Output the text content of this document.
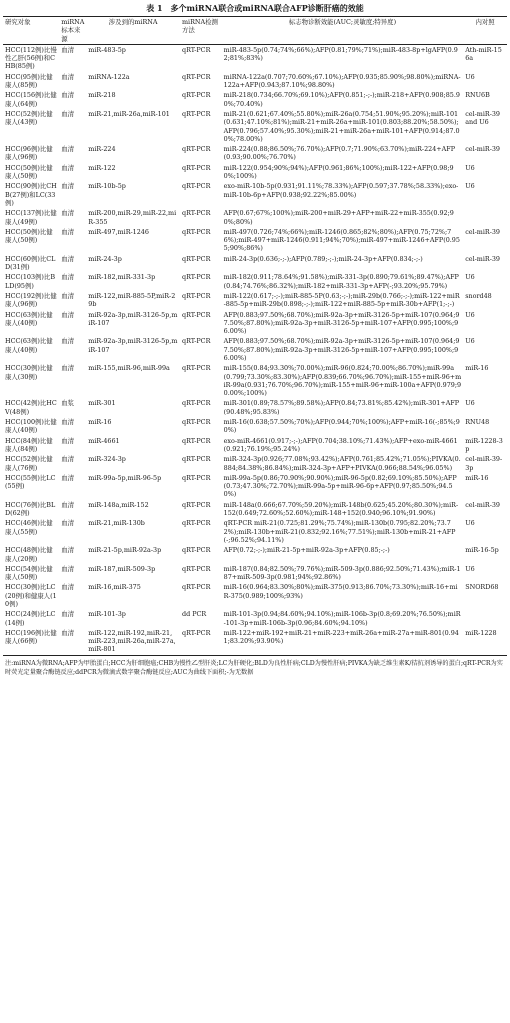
表 1 多个miRNA联合或miRNA联合AFP诊断肝癌的效能
研究对象	miRNA 标本来源	涉及到的miRNA	miRNA检测 方法	标志物诊断效能(AUC;灵敏度;特异度)	内对照
HCC(112例)比慢性乙肝(56例)和CHB(85例)	血清	miR-483-5p	qRT-PCR	miR-483-5p(0.74;74%;66%);AFP(0.81;79%;71%);miR-483-8p+lgAFP(0.92;81%;83%)	Ath-miR-156a
HCC(95例)比健康人(85例)	血清	miRNA-122a	qRT-PCR	miRNA-122a(0.707;70.60%;67.10%);AFP(0.935;85.90%;98.80%);miRNA-122a+AFP(0.943;87.10%;98.80%)	U6
HCC(156例)比健康人(64例)	血清	miR-218	qRT-PCR	miR-218(0.734;66.70%;69.10%);AFP(0.851;-;-);miR-218+AFP(0.908;85.90%;70.40%)	RNU6B
HCC(52例)比健康人(43例)	血清	miR-21,miR-26a,miR-101	qRT-PCR	miR-21(0.621;67.40%;55.80%);miR-26a(0.754;51.90%;95.20%);miR-101(0.631;47.10%;81%);miR-21+miR-26a+miR-101(0.803;88.20%;58.50%);AFP(0.796;57.40%;95.30%);miR-21+miR-26a+miR-101+AFP(0.914;87.00%;78.00%)	cel-miR-39 and U6
HCC(96例)比健康人(96例)	血清	miR-224	qRT-PCR	miR-224(0.88;86.50%;76.70%);AFP(0.7;71.90%;63.70%);miR-224+AFP(0.93;90.00%;76.70%)	cel-miR-39
HCC(50例)比健康人(50例)	血清	miR-122	qRT-PCR	miR-122(0.954;90%;94%);AFP(0.961;86%;100%);miR-122+AFP(0.98;90%;100%)	U6
HCC(90例)比CHB(27例)和LC(33例)	血清	miR-10b-5p	qRT-PCR	exo-miR-10b-5p(0.931;91.11%;78.33%);AFP(0.597;37.78%;58.33%);exo-miR-10b-6p+AFP(0.938;92.22%;85.00%)	U6
HCC(137例)比健康人(49例)	血清	miR-200,miR-29,miR-22,miR-355	qRT-PCR	AFP(0.67;67%;100%);miR-200+miR-29+AFP+miR-22+miR-355(0.92;90%;80%)	
HCC(50例)比健康人(50例)	血清	miR-497,miR-1246	qRT-PCR	miR-497(0.726;74%;66%);miR-1246(0.865;82%;80%);AFP(0.75;72%;76%);miR-497+miR-1246(0.911;94%;70%);miR-497+miR-1246+AFP(0.955;90%;86%)	cel-miR-39
HCC(60例)比CLD(31例)	血清	miR-24-3p	qRT-PCR	miR-24-3p(0.636;-;-);AFP(0.789;-;-);miR-24-3p+AFP(0.834;-;-)	cel-miR-39
HCC(103例)比BLD(95例)	血清	miR-182,miR-331-3p	qRT-PCR	miR-182(0.911;78.64%;91.58%);miR-331-3p(0.890;79.61%;89.47%);AFP(0.84;74.76%;86.32%);miR-182+miR-331-3p+AFP(-;93.20%;95.79%)	U6
HCC(192例)比健康人(96例)	血清	miR-122,miR-885-5P,miR-29b	qRT-PCR	miR-122(0.617;-;-);miR-885-5P(0.63;-;-);miR-29b(0.766;-;-);miR-122+miR-885-5p+miR-29b(0.898;-;-);miR-122+miR-885-5p+miR-30b+AFP(1;-;-)	snord48
HCC(63例)比健康人(40例)	血清	miR-92a-3p,miR-3126-5p,miR-107	qRT-PCR	AFP(0.883;97.50%;68.70%);miR-92a-3p+miR-3126-5p+miR-107(0.964;97.50%;87.80%);miR-92a-3p+miR-3126-5p+miR-107+AFP(0.995;100%;96.00%)	U6
HCC(63例)比健康人(40例)	血清	miR-92a-3p,miR-3126-5p,miR-107	qRT-PCR	AFP(0.883;97.50%;68.70%);miR-92a-3p+miR-3126-5p+miR-107(0.964;97.50%;87.80%);miR-92a-3p+miR-3126-5p+miR-107+AFP(0.995;100%;96.00%)	U6
HCC(30例)比健康人(30例)	血清	miR-155,miR-96,miR-99a	qRT-PCR	miR-155(0.84;93.30%;70.00%);miR-96(0.824;70.00%;86.70%);miR-99a(0.799;73.30%;83.30%);AFP(0.839;66.70%;96.70%);miR-155+miR-96+miR-99a(0.931;76.70%;96.70%);miR-155+miR-96+miR-100a+AFP(0.979;90.00%;100%)	miR-16
HCC(42例)比HCV(48例)	血浆	miR-301	qRT-PCR	miR-301(0.89;78.57%;89.58%);AFP(0.84;73.81%;85.42%);miR-301+AFP(90.48%;95.83%)	U6
HCC(100例)比健康人(40例)	血清	miR-16	qRT-PCR	miR-16(0.638;57.50%;70%);AFP(0.944;70%;100%);AFP+miR-16(-;85%;90%)	RNU48
HCC(84例)比健康人(84例)	血清	miR-4661	qRT-PCR	exo-miR-4661(0.917;-;-);AFP(0.704;38.10%;71.43%);AFP+exo-miR-4661(0.921;76.19%;95.24%)	miR-1228-3p
HCC(52例)比健康人(76例)	血清	miR-324-3p	qRT-PCR	miR-324-3p(0.926;77.08%;93.42%);AFP(0.761;85.42%;71.05%);PIVKA(0.884;84.38%;86.84%);miR-324-3p+AFP+PIVKA(0.966;88.54%;96.05%)	cel-miR-39-3p
HCC(55例)比LC(55例)	血清	miR-99a-5p,miR-96-5p	qRT-PCR	miR-99a-5p(0.86;70.90%;90.90%);miR-96-5p(0.82;69.10%;85.50%);AFP(0.73;47.30%;72.70%);miR-99a-5p+miR-96-6p+AFP(0.97;85.50%;94.50%)	miR-16
HCC(76例)比BLD(62例)	血清	miR-148a,miR-152	qRT-PCR	miR-148a(0.666;67.70%;59.20%);miR-148b(0.625;45.20%;80.30%);miR-152(0.649;72.60%;52.60%);miR-148+152(0.940;96.10%;91.90%)	cel-miR-39
HCC(46例)比健康人(55例)	血清	miR-21,miR-130b	qRT-PCR	qRT-PCR miR-21(0.725;81.29%;75.74%);miR-130b(0.795;82.20%;73.72%);miR-130b+miR-21(0.832;92.16%;77.51%);miR-130b+miR-21+AFP(-;96.52%;94.11%)	U6
HCC(48例)比健康人(20例)	血清	miR-21-5p,miR-92a-3p	qRT-PCR	AFP(0.72;-;-);miR-21-5p+miR-92a-3p+AFP(0.85;-;-)	miR-16-5p
HCC(54例)比健康人(50例)	血清	miR-187,miR-509-3p	qRT-PCR	miR-187(0.84;82.50%;79.76%);miR-509-3p(0.886;92.50%;71.43%);miR-187+miR-509-3p(0.981;94%;92.86%)	U6
HCC(30例)比LC(20例)和健康人(10例)	血清	miR-16,miR-375	qRT-PCR	miR-16(0.964;83.30%;80%);miR-375(0.913;86.70%;73.30%);miR-16+miR-375(0.989;100%;93%)	SNORD68
HCC(24例)比LC(14例)	血清	miR-101-3p	dd PCR	miR-101-3p(0.94;84.60%;94.10%);miR-106b-3p(0.8;69.20%;76.50%);miR-101-3p+miR-106b-3p(0.96;84.60%;94.10%)	
HCC(196例)比健康人(66例)	血清	miR-122,miR-192,miR-21,miR-223,miR-26a,miR-27a,miR-801	qRT-PCR	miR-122+miR-192+miR-21+miR-223+miR-26a+miR-27a+miR-801(0.941;83.20%;93.90%)	miR-1228
注:miRNA为微RNA;AFP为甲胎蛋白;HCC为肝细胞癌;CHB为慢性乙型肝炎;LC为肝硬化;BLD为良性肝病;CLD为慢性肝病;PIVKA为缺乏维生素K/拮抗剂诱导的蛋白;qRT-PCR为实时荧光定量聚合酶链反应;ddPCR为微滴式数字聚合酶链反应;AUC为曲线下面积;-为无数据
